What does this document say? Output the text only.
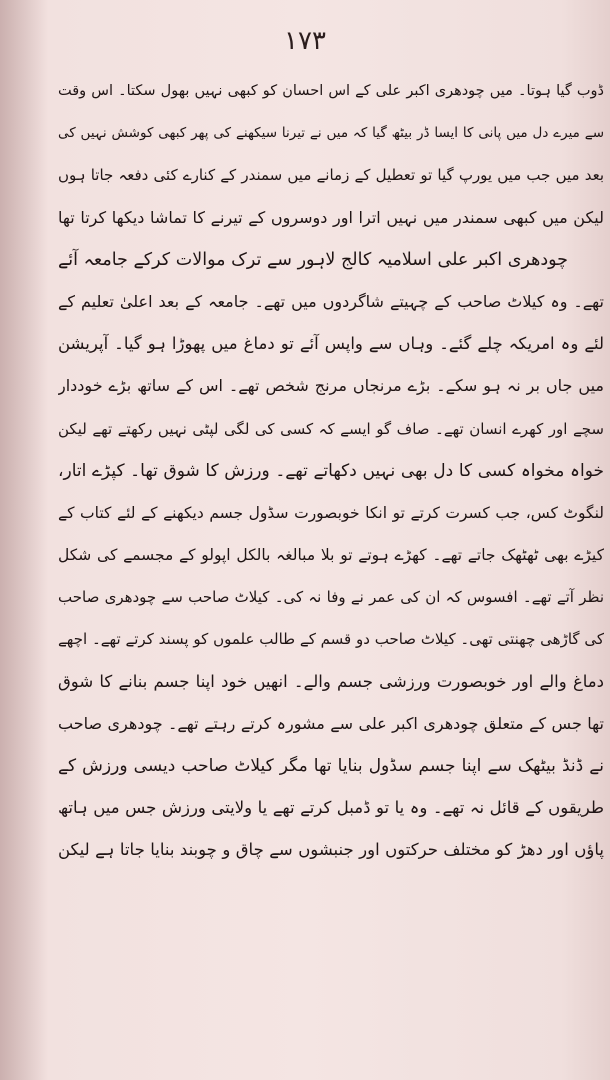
۱۷۳
ڈوب گیا ہوتا۔ میں چودھری اکبر علی کے اس احسان کو کبھی نہیں بھول سکتا۔ اس وقت
سے میرے دل میں پانی کا ایسا ڈر بیٹھ گیا کہ میں نے تیرنا سیکھنے کی پھر کبھی کوشش نہیں کی
بعد میں جب میں یورپ گیا تو تعطیل کے زمانے میں سمندر کے کنارے کئی دفعہ جاتا ہوں
لیکن میں کبھی سمندر میں نہیں اترا اور دوسروں کے تیرنے کا تماشا دیکھا کرتا تھا
چودھری اکبر علی اسلامیہ کالج لاہور سے ترک موالات کرکے جامعہ آئے
تھے۔ وہ کیلاٹ صاحب کے چہیتے شاگردوں میں تھے۔ جامعہ کے بعد اعلیٰ تعلیم کے
لئے وہ امریکہ چلے گئے۔ وہاں سے واپس آئے تو دماغ میں پھوڑا ہو گیا۔ آپریشن
میں جاں بر نہ ہو سکے۔ بڑے مرنجاں مرنج شخص تھے۔ اس کے ساتھ بڑے خوددار
سچے اور کھرے انسان تھے۔ صاف گو ایسے کہ کسی کی لگی لپٹی نہیں رکھتے تھے لیکن
خواہ مخواہ کسی کا دل بھی نہیں دکھاتے تھے۔ ورزش کا شوق تھا۔ کپڑے اتار،
لنگوٹ کس، جب کسرت کرتے تو انکا خوبصورت سڈول جسم دیکھنے کے لئے کتاب کے
کیڑے بھی ٹھٹھک جاتے تھے۔ کھڑے ہوتے تو بلا مبالغہ بالکل اپولو کے مجسمے کی شکل
نظر آتے تھے۔ افسوس کہ ان کی عمر نے وفا نہ کی۔ کیلاٹ صاحب سے چودھری صاحب
کی گاڑھی چھنتی تھی۔ کیلاٹ صاحب دو قسم کے طالب علموں کو پسند کرتے تھے۔ اچھے
دماغ والے اور خوبصورت ورزشی جسم والے۔ انھیں خود اپنا جسم بنانے کا شوق
تھا جس کے متعلق چودھری اکبر علی سے مشورہ کرتے رہتے تھے۔ چودھری صاحب
نے ڈنڈ بیٹھک سے اپنا جسم سڈول بنایا تھا مگر کیلاٹ صاحب دیسی ورزش کے
طریقوں کے قائل نہ تھے۔ وہ یا تو ڈمبل کرتے تھے یا ولایتی ورزش جس میں ہاتھ
پاؤں اور دھڑ کو مختلف حرکتوں اور جنبشوں سے چاق و چوبند بنایا جاتا ہے لیکن
